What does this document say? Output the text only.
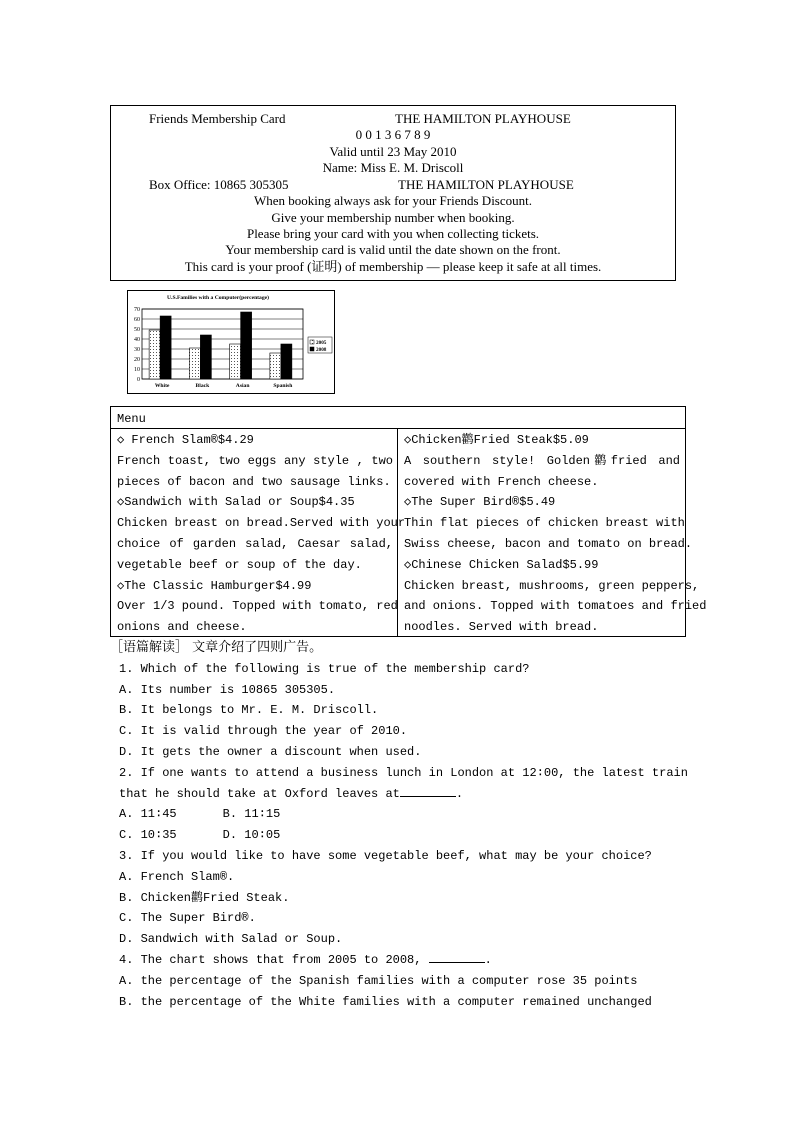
Friends Membership Card	THE HAMILTON PLAYHOUSE
0 0 1 3 6 7 8 9
Valid until 23 May 2010
Name: Miss E. M. Driscoll
Box Office: 10865 305305	THE HAMILTON PLAYHOUSE
When booking always ask for your Friends Discount.
Give your membership number when booking.
Please bring your card with you when collecting tickets.
Your membership card is valid until the date shown on the front.
This card is your proof (证明) of membership — please keep it safe at all times.
U.S.Families with a Computer(percentage)
0
10
20
30
40
50
60
70
White	Black	Asian	Spanish
2005
2008
Menu
◇ French Slam®$4.29
French toast, two eggs any style , two
pieces of bacon and two sausage links.
◇Sandwich with Salad or Soup$4.35
Chicken breast on bread.Served with your
choice of garden salad, Caesar salad,
vegetable beef or soup of the day.
◇The Classic Hamburger$4.99
Over 1/3 pound. Topped with tomato, red
onions and cheese.
◇Chicken鹳Fried Steak$5.09
A southern style! Golden鹳fried and
covered with French cheese.
◇The Super Bird®$5.49
Thin flat pieces of chicken breast with
Swiss cheese, bacon and tomato on bread.
◇Chinese Chicken Salad$5.99
Chicken breast, mushrooms, green peppers,
and onions. Topped with tomatoes and fried
noodles. Served with bread.
［语篇解读］ 文章介绍了四则广告。
1. Which of the following is true of the membership card?
A. Its number is 10865 305305.
B. It belongs to Mr. E. M. Driscoll.
C. It is valid through the year of 2010.
D. It gets the owner a discount when used.
2. If one wants to attend a business lunch in London at 12∶00, the latest train
that he should take at Oxford leaves at	.
A. 11∶45	B. 11∶15
C. 10∶35	D. 10∶05
3. If you would like to have some vegetable beef, what may be your choice?
A. French Slam®.
B. Chicken鹳Fried Steak.
C. The Super Bird®.
D. Sandwich with Salad or Soup.
4. The chart shows that from 2005 to 2008,	.
A. the percentage of the Spanish families with a computer rose 35 points
B. the percentage of the White families with a computer remained unchanged
